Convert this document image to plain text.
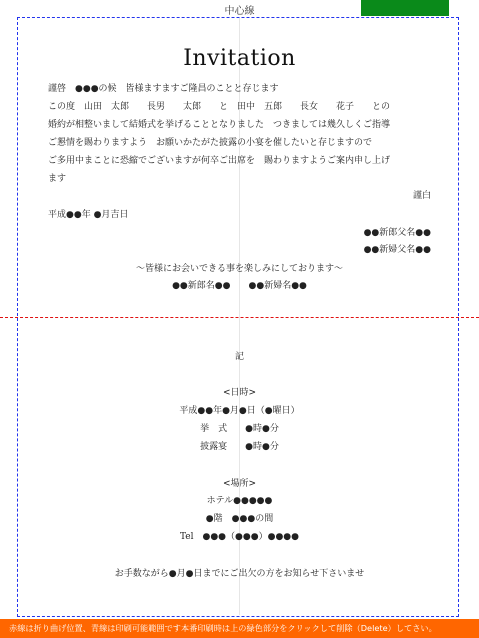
中心線
Invitation
謹啓　●●●の候　皆様ますますご隆昌のことと存じます
この度　山田　太郎　　長男　　太郎　　と　田中　五郎　　長女　　花子　　との
婚約が相整いまして結婚式を挙げることとなりました　つきましては幾久しくご指導
ご懇情を賜わりますよう　お願いかたがた披露の小宴を催したいと存じますので
ご多用中まことに恐縮でございますが何卒ご出席を　賜わりますようご案内申し上げ
ます
謹白
平成●●年 ●月吉日
●●新郎父名●●
●●新婦父名●●
～皆様にお会いできる事を楽しみにしております～
●●新郎名●●　　●●新婦名●●
記
<日時>
平成●●年●月●日（●曜日）
挙　式　　●時●分
披露宴　　●時●分
<場所>
ホテル●●●●●
●階　●●●の間
Tel　●●●（●●●）●●●●
お手数ながら●月●日までにご出欠の方をお知らせ下さいませ
赤線は折り曲げ位置、青線は印刷可能範囲です本番印刷時は上の緑色部分をクリックして削除（Delete）してさい。
